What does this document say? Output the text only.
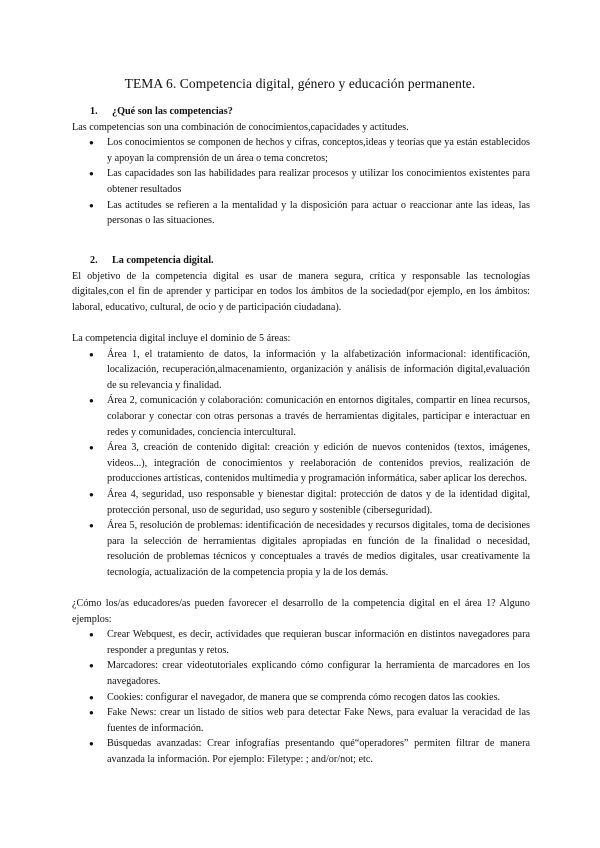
TEMA 6. Competencia digital, género y educación permanente.
1.	¿Qué son las competencias?

Las competencias son una combinación de conocimientos,capacidades y actitudes.

● Los conocimientos se componen de hechos y cifras, conceptos,ideas y teorías que ya están establecidos y apoyan la comprensión de un área o tema concretos;
● Las capacidades son las habilidades para realizar procesos y utilizar los conocimientos existentes para obtener resultados
● Las actitudes se refieren a la mentalidad y la disposición para actuar o reaccionar ante las ideas, las personas o las situaciones.
2.	La competencia digital.

El objetivo de la competencia digital es usar de manera segura, crítica y responsable las tecnologías digitales,con el fin de aprender y participar en todos los ámbitos de la sociedad(por ejemplo, en los ámbitos: laboral, educativo, cultural, de ocio y de participación ciudadana).

La competencia digital incluye el dominio de 5 áreas:

● Área 1, el tratamiento de datos, la información y la alfabetización informacional: identificación, localización, recuperación,almacenamiento, organización y análisis de información digital,evaluación de su relevancia y finalidad.
● Área 2, comunicación y colaboración: comunicación en entornos digitales, compartir en línea recursos, colaborar y conectar con otras personas a través de herramientas digitales, participar e interactuar en redes y comunidades, conciencia intercultural.
● Área 3, creación de contenido digital: creación y edición de nuevos contenidos (textos, imágenes, videos...), integración de conocimientos y reelaboración de contenidos previos, realización de producciones artísticas, contenidos multimedia y programación informática, saber aplicar los derechos.
● Área 4, seguridad, uso responsable y bienestar digital: protección de datos y de la identidad digital, protección personal, uso de seguridad, uso seguro y sostenible (ciberseguridad).
● Área 5, resolución de problemas: identificación de necesidades y recursos digitales, toma de decisiones para la selección de herramientas digitales apropiadas en función de la finalidad o necesidad, resolución de problemas técnicos y conceptuales a través de medios digitales, usar creativamente la tecnología, actualización de la competencia propia y la de los demás.

¿Cómo los/as educadores/as pueden favorecer el desarrollo de la competencia digital en el área 1? Alguno ejemplos:

● Crear Webquest, es decir, actividades que requieran buscar información en distintos navegadores para responder a preguntas y retos.
● Marcadores: crear videotutoriales explicando cómo configurar la herramienta de marcadores en los navegadores.
● Cookies: configurar el navegador, de manera que se comprenda cómo recogen datos las cookies.
● Fake News: crear un listado de sitios web para detectar Fake News, para evaluar la veracidad de las fuentes de información.
● Búsquedas avanzadas: Crear infografías presentando qué“operadores” permiten filtrar de manera avanzada la información. Por ejemplo: Filetype: ; and/or/not; etc.
